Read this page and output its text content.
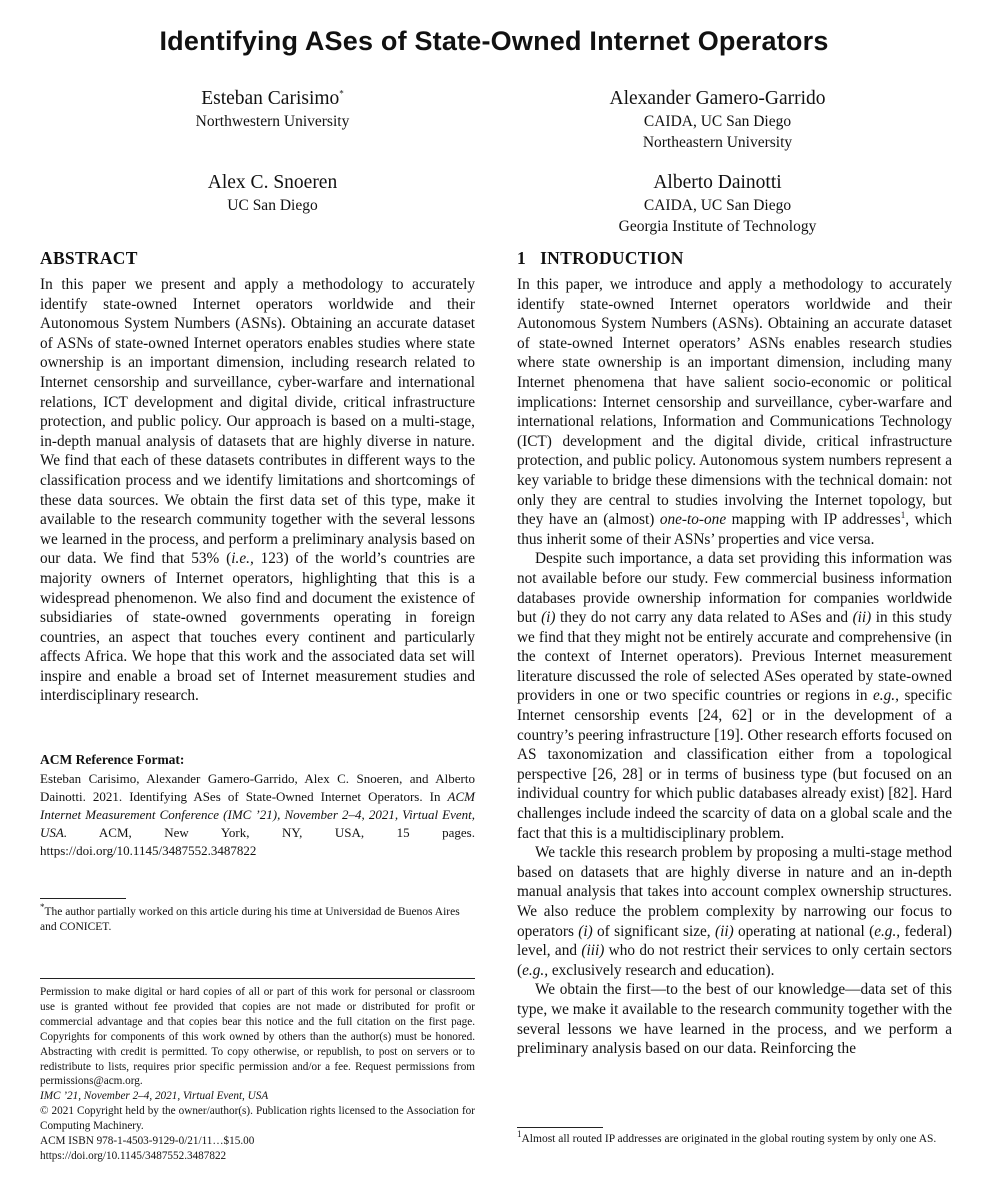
Identifying ASes of State-Owned Internet Operators
Esteban Carisimo*
Northwestern University
Alexander Gamero-Garrido
CAIDA, UC San Diego
Northeastern University
Alex C. Snoeren
UC San Diego
Alberto Dainotti
CAIDA, UC San Diego
Georgia Institute of Technology
ABSTRACT

In this paper we present and apply a methodology to accurately identify state-owned Internet operators worldwide and their Autonomous System Numbers (ASNs). Obtaining an accurate dataset of ASNs of state-owned Internet operators enables studies where state ownership is an important dimension, including research related to Internet censorship and surveillance, cyber-warfare and international relations, ICT development and digital divide, critical infrastructure protection, and public policy. Our approach is based on a multi-stage, in-depth manual analysis of datasets that are highly diverse in nature. We find that each of these datasets contributes in different ways to the classification process and we identify limitations and shortcomings of these data sources. We obtain the first data set of this type, make it available to the research community together with the several lessons we learned in the process, and perform a preliminary analysis based on our data. We find that 53% (i.e., 123) of the world’s countries are majority owners of Internet operators, highlighting that this is a widespread phenomenon. We also find and document the existence of subsidiaries of state-owned governments operating in foreign countries, an aspect that touches every continent and particularly affects Africa. We hope that this work and the associated data set will inspire and enable a broad set of Internet measurement studies and interdisciplinary research.

ACM Reference Format:
Esteban Carisimo, Alexander Gamero-Garrido, Alex C. Snoeren, and Alberto Dainotti. 2021. Identifying ASes of State-Owned Internet Operators. In ACM Internet Measurement Conference (IMC ’21), November 2–4, 2021, Virtual Event, USA. ACM, New York, NY, USA, 15 pages. https://doi.org/10.1145/3487552.3487822
*The author partially worked on this article during his time at Universidad de Buenos Aires and CONICET.
Permission to make digital or hard copies of all or part of this work for personal or classroom use is granted without fee provided that copies are not made or distributed for profit or commercial advantage and that copies bear this notice and the full citation on the first page. Copyrights for components of this work owned by others than the author(s) must be honored. Abstracting with credit is permitted. To copy otherwise, or republish, to post on servers or to redistribute to lists, requires prior specific permission and/or a fee. Request permissions from permissions@acm.org.
IMC ’21, November 2–4, 2021, Virtual Event, USA
© 2021 Copyright held by the owner/author(s). Publication rights licensed to the Association for Computing Machinery.
ACM ISBN 978-1-4503-9129-0/21/11…$15.00
https://doi.org/10.1145/3487552.3487822
1   INTRODUCTION

In this paper, we introduce and apply a methodology to accurately identify state-owned Internet operators worldwide and their Autonomous System Numbers (ASNs). Obtaining an accurate dataset of state-owned Internet operators’ ASNs enables research studies where state ownership is an important dimension, including many Internet phenomena that have salient socio-economic or political implications: Internet censorship and surveillance, cyber-warfare and international relations, Information and Communications Technology (ICT) development and the digital divide, critical infrastructure protection, and public policy. Autonomous system numbers represent a key variable to bridge these dimensions with the technical domain: not only they are central to studies involving the Internet topology, but they have an (almost) one-to-one mapping with IP addresses$^1$, which thus inherit some of their ASNs’ properties and vice versa.

Despite such importance, a data set providing this information was not available before our study. Few commercial business information databases provide ownership information for companies worldwide but (i) they do not carry any data related to ASes and (ii) in this study we find that they might not be entirely accurate and comprehensive (in the context of Internet operators). Previous Internet measurement literature discussed the role of selected ASes operated by state-owned providers in one or two specific countries or regions in e.g., specific Internet censorship events [24, 62] or in the development of a country’s peering infrastructure [19]. Other research efforts focused on AS taxonomization and classification either from a topological perspective [26, 28] or in terms of business type (but focused on an individual country for which public databases already exist) [82]. Hard challenges include indeed the scarcity of data on a global scale and the fact that this is a multidisciplinary problem.

We tackle this research problem by proposing a multi-stage method based on datasets that are highly diverse in nature and an in-depth manual analysis that takes into account complex ownership structures. We also reduce the problem complexity by narrowing our focus to operators (i) of significant size, (ii) operating at national (e.g., federal) level, and (iii) who do not restrict their services to only certain sectors (e.g., exclusively research and education).

We obtain the first—to the best of our knowledge—data set of this type, we make it available to the research community together with the several lessons we have learned in the process, and we perform a preliminary analysis based on our data. Reinforcing the

$^1$Almost all routed IP addresses are originated in the global routing system by only one AS.
